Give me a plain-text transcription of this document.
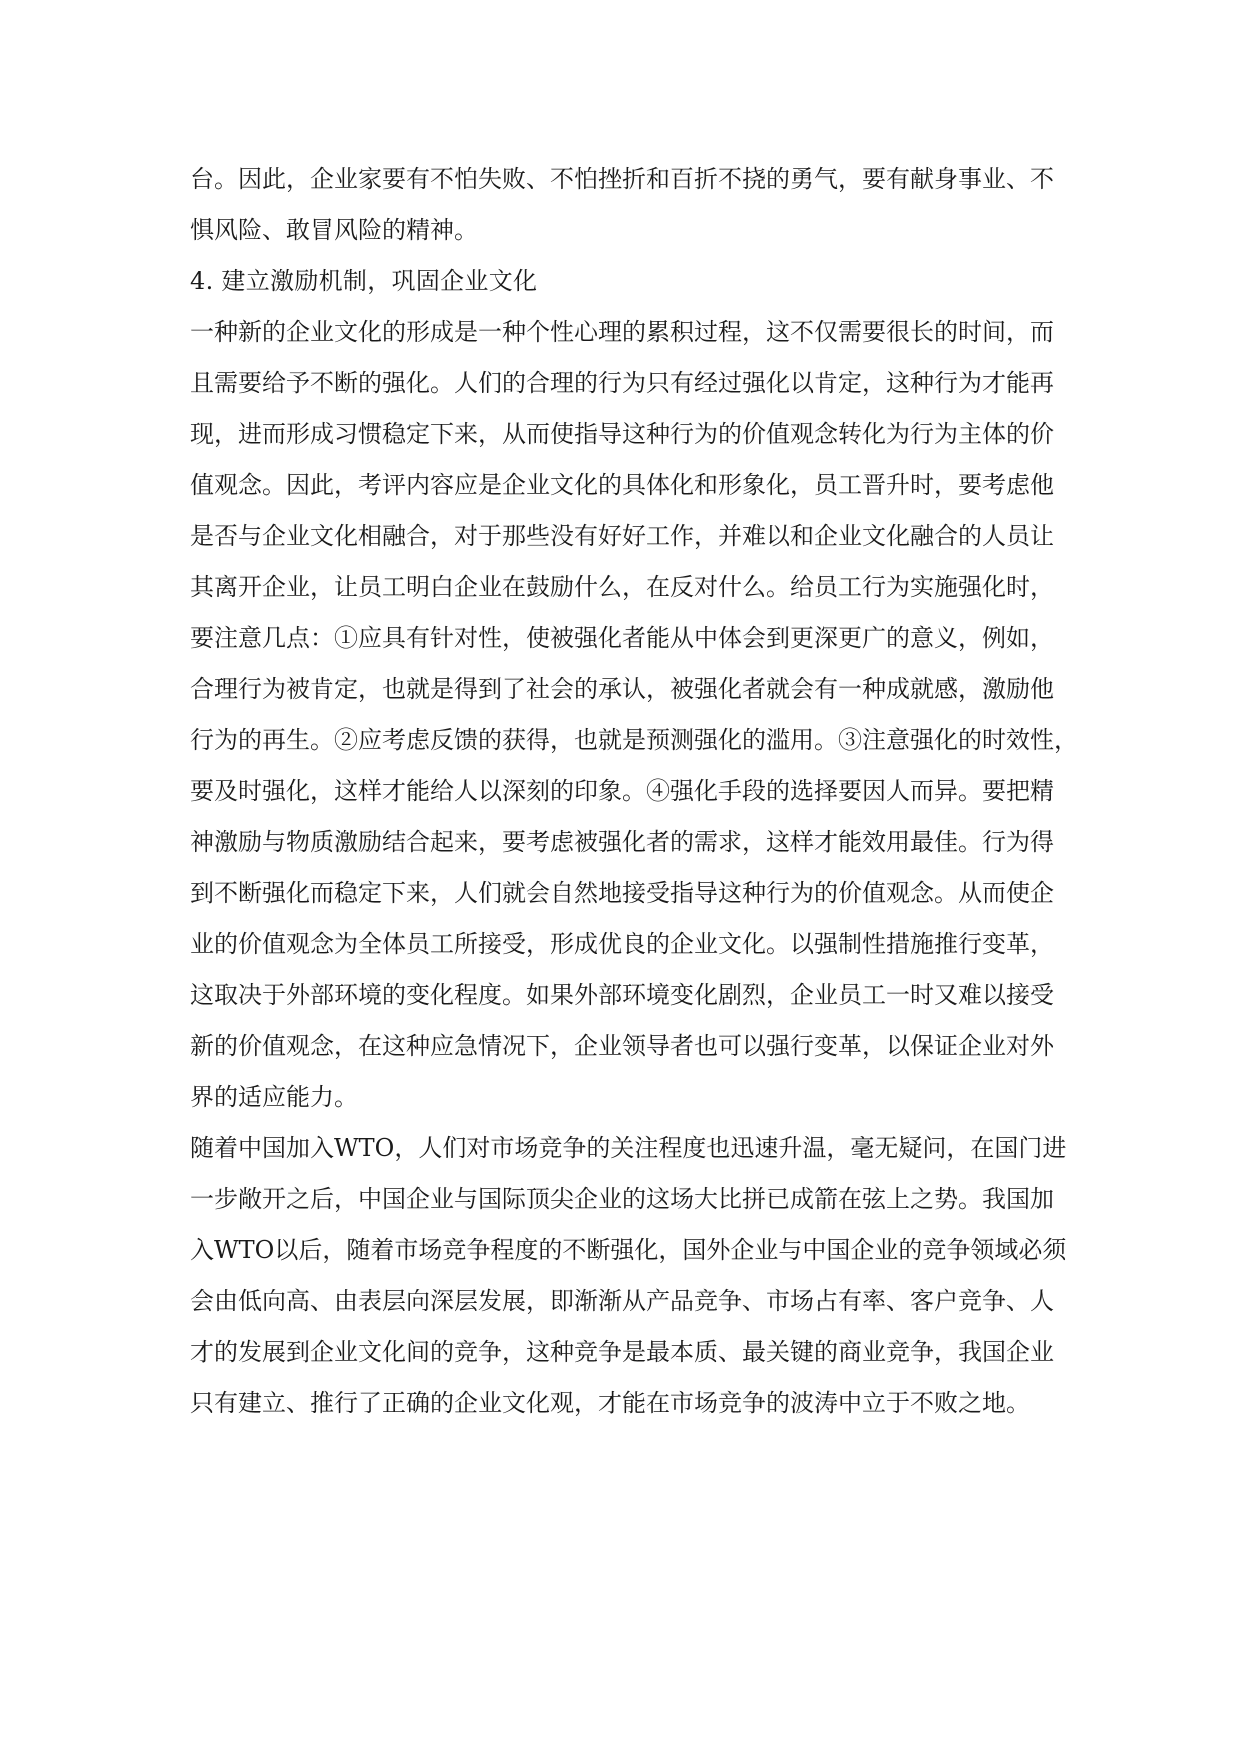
台。因此，企业家要有不怕失败、不怕挫折和百折不挠的勇气，要有献身事业、不
惧风险、敢冒风险的精神。
4. 建立激励机制，巩固企业文化
一种新的企业文化的形成是一种个性心理的累积过程，这不仅需要很长的时间，而
且需要给予不断的强化。人们的合理的行为只有经过强化以肯定，这种行为才能再
现，进而形成习惯稳定下来，从而使指导这种行为的价值观念转化为行为主体的价
值观念。因此，考评内容应是企业文化的具体化和形象化，员工晋升时，要考虑他
是否与企业文化相融合，对于那些没有好好工作，并难以和企业文化融合的人员让
其离开企业，让员工明白企业在鼓励什么，在反对什么。给员工行为实施强化时，
要注意几点：①应具有针对性，使被强化者能从中体会到更深更广的意义，例如，
合理行为被肯定，也就是得到了社会的承认，被强化者就会有一种成就感，激励他
行为的再生。②应考虑反馈的获得，也就是预测强化的滥用。③注意强化的时效性，
要及时强化，这样才能给人以深刻的印象。④强化手段的选择要因人而异。要把精
神激励与物质激励结合起来，要考虑被强化者的需求，这样才能效用最佳。行为得
到不断强化而稳定下来，人们就会自然地接受指导这种行为的价值观念。从而使企
业的价值观念为全体员工所接受，形成优良的企业文化。以强制性措施推行变革，
这取决于外部环境的变化程度。如果外部环境变化剧烈，企业员工一时又难以接受
新的价值观念，在这种应急情况下，企业领导者也可以强行变革，以保证企业对外
界的适应能力。
随着中国加入WTO，人们对市场竞争的关注程度也迅速升温，毫无疑问，在国门进
一步敞开之后，中国企业与国际顶尖企业的这场大比拼已成箭在弦上之势。我国加
入WTO以后，随着市场竞争程度的不断强化，国外企业与中国企业的竞争领域必须
会由低向高、由表层向深层发展，即渐渐从产品竞争、市场占有率、客户竞争、人
才的发展到企业文化间的竞争，这种竞争是最本质、最关键的商业竞争，我国企业
只有建立、推行了正确的企业文化观，才能在市场竞争的波涛中立于不败之地。
